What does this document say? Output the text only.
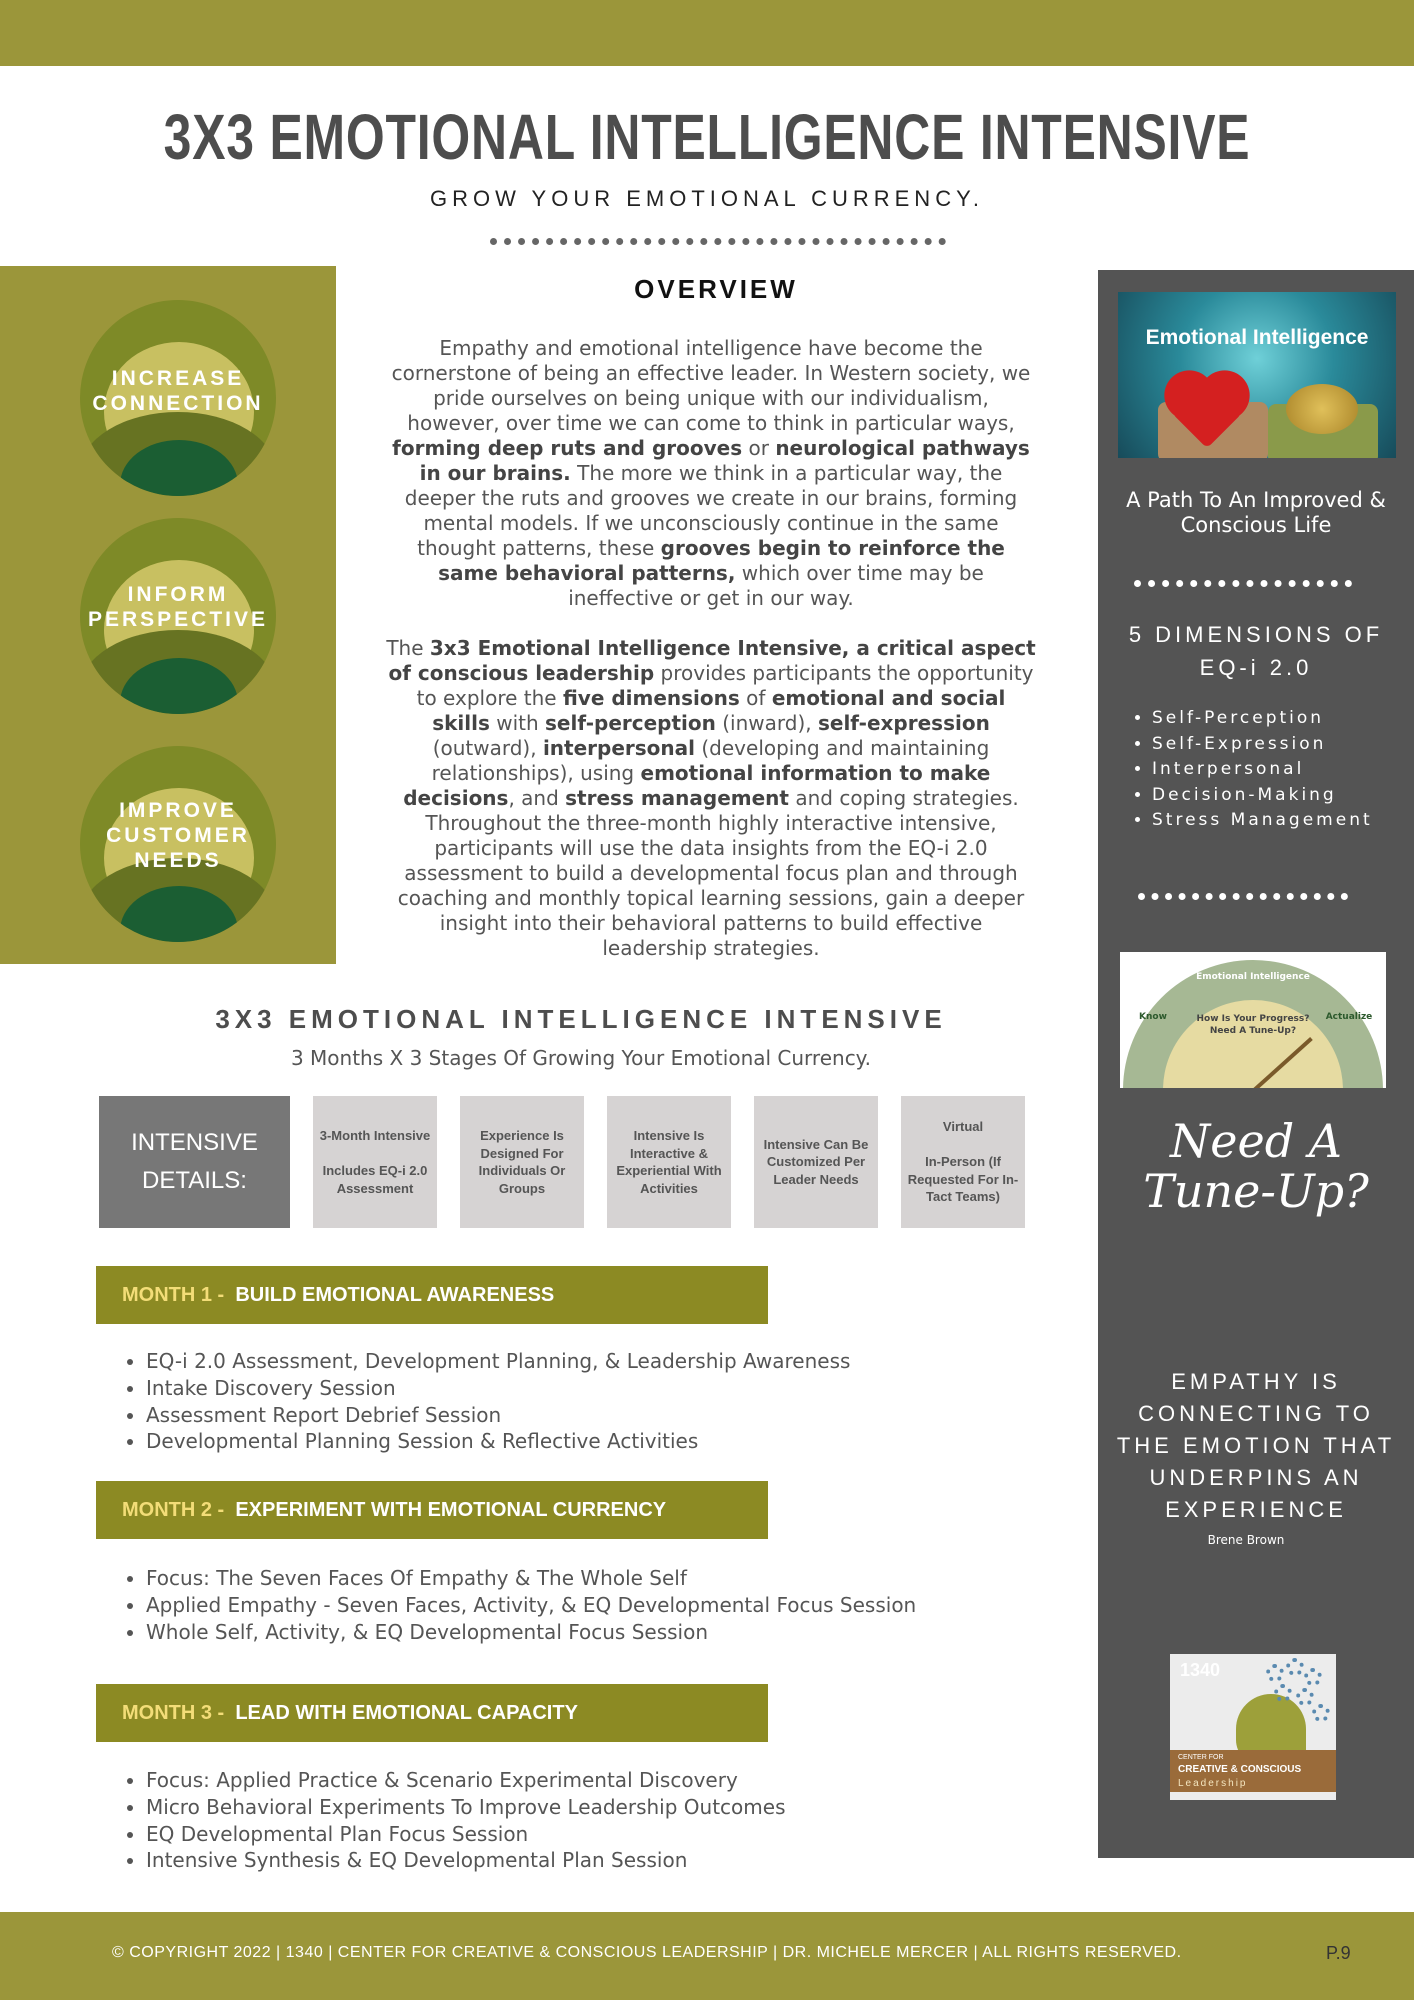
3X3 EMOTIONAL INTELLIGENCE INTENSIVE
GROW YOUR EMOTIONAL CURRENCY.
INCREASE
CONNECTION
INFORM
PERSPECTIVE
IMPROVE
CUSTOMER
NEEDS
OVERVIEW

Empathy and emotional intelligence have become the cornerstone of being an effective leader. In Western society, we pride ourselves on being unique with our individualism, however, over time we can come to think in particular ways, forming deep ruts and grooves or neurological pathways in our brains. The more we think in a particular way, the deeper the ruts and grooves we create in our brains, forming mental models. If we unconsciously continue in the same thought patterns, these grooves begin to reinforce the same behavioral patterns, which over time may be ineffective or get in our way.

The 3x3 Emotional Intelligence Intensive, a critical aspect of conscious leadership provides participants the opportunity to explore the five dimensions of emotional and social skills with self-perception (inward), self-expression (outward), interpersonal (developing and maintaining relationships), using emotional information to make decisions, and stress management and coping strategies. Throughout the three-month highly interactive intensive, participants will use the data insights from the EQ-i 2.0 assessment to build a developmental focus plan and through coaching and monthly topical learning sessions, gain a deeper insight into their behavioral patterns to build effective leadership strategies.

Emotional Intelligence
A Path To An Improved & Conscious Life
5 DIMENSIONS OF EQ-i 2.0
• Self-Perception
• Self-Expression
• Interpersonal
• Decision-Making
• Stress Management
Emotional Intelligence
Know	Actualize
How Is Your Progress?
Need A Tune-Up?
Need A Tune-Up?
EMPATHY IS CONNECTING TO THE EMOTION THAT UNDERPINS AN EXPERIENCE
Brene Brown
1340
CENTER FOR
CREATIVE & CONSCIOUS
Leadership
3X3 EMOTIONAL INTELLIGENCE INTENSIVE
3 Months X 3 Stages Of Growing Your Emotional Currency.
INTENSIVE DETAILS:
3-Month Intensive

Includes EQ-i 2.0 Assessment
Experience Is Designed For Individuals Or Groups
Intensive Is Interactive & Experiential With Activities
Intensive Can Be Customized Per Leader Needs
Virtual

In-Person (If Requested For In-Tact Teams)
MONTH 1 - BUILD EMOTIONAL AWARENESS
• EQ-i 2.0 Assessment, Development Planning, & Leadership Awareness
• Intake Discovery Session
• Assessment Report Debrief Session
• Developmental Planning Session & Reflective Activities
MONTH 2 - EXPERIMENT WITH EMOTIONAL CURRENCY
• Focus: The Seven Faces Of Empathy & The Whole Self
• Applied Empathy - Seven Faces, Activity, & EQ Developmental Focus Session
• Whole Self, Activity, & EQ Developmental Focus Session
MONTH 3 - LEAD WITH EMOTIONAL CAPACITY
• Focus: Applied Practice & Scenario Experimental Discovery
• Micro Behavioral Experiments To Improve Leadership Outcomes
• EQ Developmental Plan Focus Session
• Intensive Synthesis & EQ Developmental Plan Session
© COPYRIGHT 2022 | 1340 | CENTER FOR CREATIVE & CONSCIOUS LEADERSHIP | DR. MICHELE MERCER | ALL RIGHTS RESERVED.	P.9
